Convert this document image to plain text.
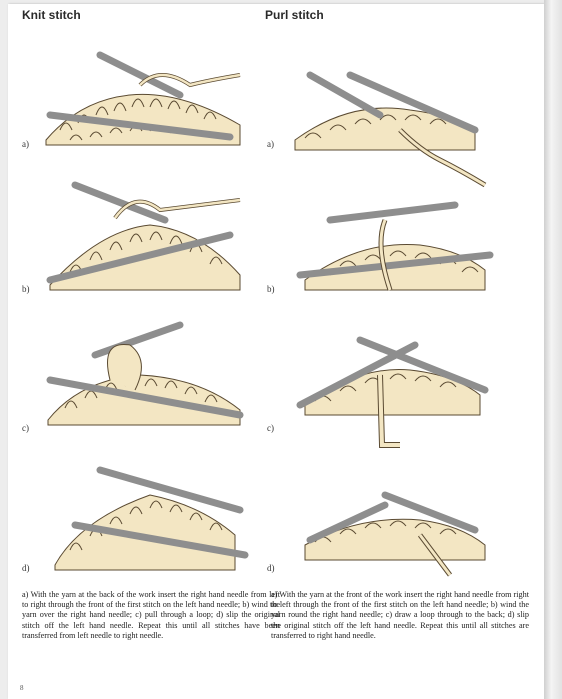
Knit stitch	Purl stitch
a)
b)
c)
d)
a)
b)
c)
d)
a) With the yarn at the back of the work insert the right hand needle from left to right through the front of the first stitch on the left hand needle; b) wind the yarn over the right hand needle; c) pull through a loop; d) slip the original stitch off the left hand needle. Repeat this until all stitches have been transferred from left needle to right needle.
a) With the yarn at the front of the work insert the right hand needle from right to left through the front of the first stitch on the left hand needle; b) wind the yarn round the right hand needle; c) draw a loop through to the back; d) slip the original stitch off the left hand needle. Repeat this until all stitches are transferred to right hand needle.
8
